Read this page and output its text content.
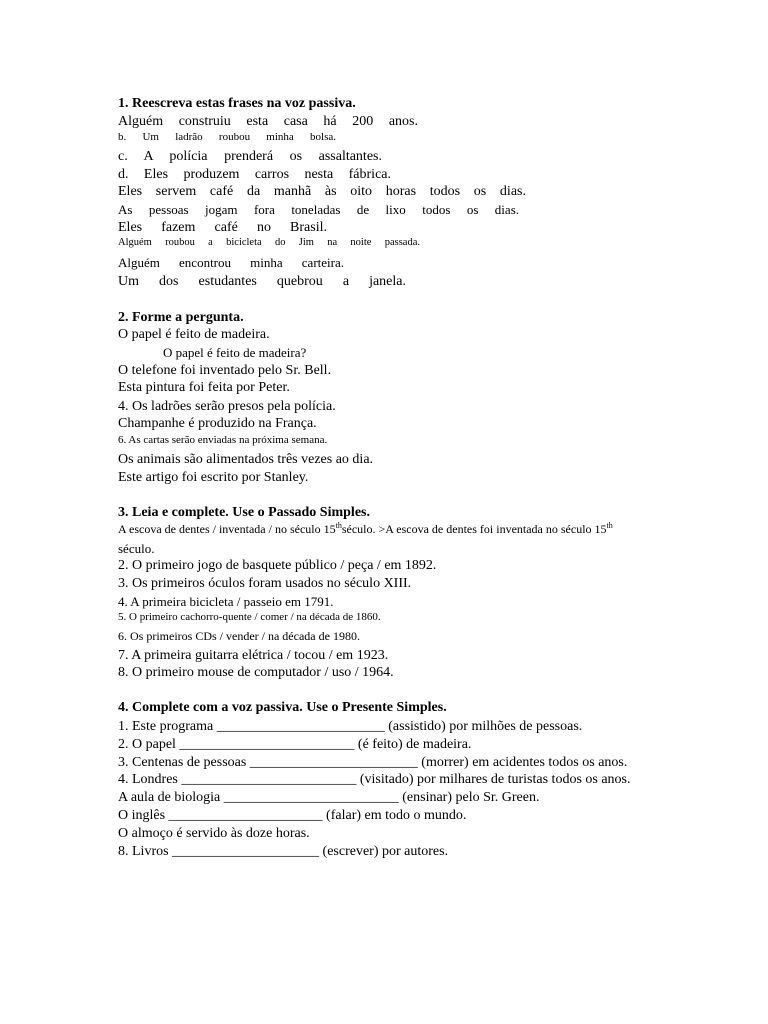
1. Reescreva estas frases na voz passiva.
Alguém construiu esta casa há 200 anos.
b. Um ladrão roubou minha bolsa.
c. A polícia prenderá os assaltantes.
d. Eles produzem carros nesta fábrica.
Eles servem café da manhã às oito horas todos os dias.
As pessoas jogam fora toneladas de lixo todos os dias.
Eles fazem café no Brasil.
Alguém roubou a bicicleta do Jim na noite passada.
Alguém encontrou minha carteira.
Um dos estudantes quebrou a janela.
2. Forme a pergunta.
O papel é feito de madeira.
O papel é feito de madeira?
O telefone foi inventado pelo Sr. Bell.
Esta pintura foi feita por Peter.
4. Os ladrões serão presos pela polícia.
Champanhe é produzido na França.
6. As cartas serão enviadas na próxima semana.
Os animais são alimentados três vezes ao dia.
Este artigo foi escrito por Stanley.
3. Leia e complete. Use o Passado Simples.
A escova de dentes / inventada / no século 15thséculo. >A escova de dentes foi inventada no século 15th
século.
2. O primeiro jogo de basquete público / peça / em 1892.
3. Os primeiros óculos foram usados no século XIII.
4. A primeira bicicleta / passeio em 1791.
5. O primeiro cachorro-quente / comer / na década de 1860.
6. Os primeiros CDs / vender / na década de 1980.
7. A primeira guitarra elétrica / tocou / em 1923.
8. O primeiro mouse de computador / uso / 1964.
4. Complete com a voz passiva. Use o Presente Simples.
1. Este programa ________________________ (assistido) por milhões de pessoas.
2. O papel _________________________ (é feito) de madeira.
3. Centenas de pessoas ________________________ (morrer) em acidentes todos os anos.
4. Londres _________________________ (visitado) por milhares de turistas todos os anos.
A aula de biologia _________________________ (ensinar) pelo Sr. Green.
O inglês ______________________ (falar) em todo o mundo.
O almoço é servido às doze horas.
8. Livros _____________________ (escrever) por autores.
